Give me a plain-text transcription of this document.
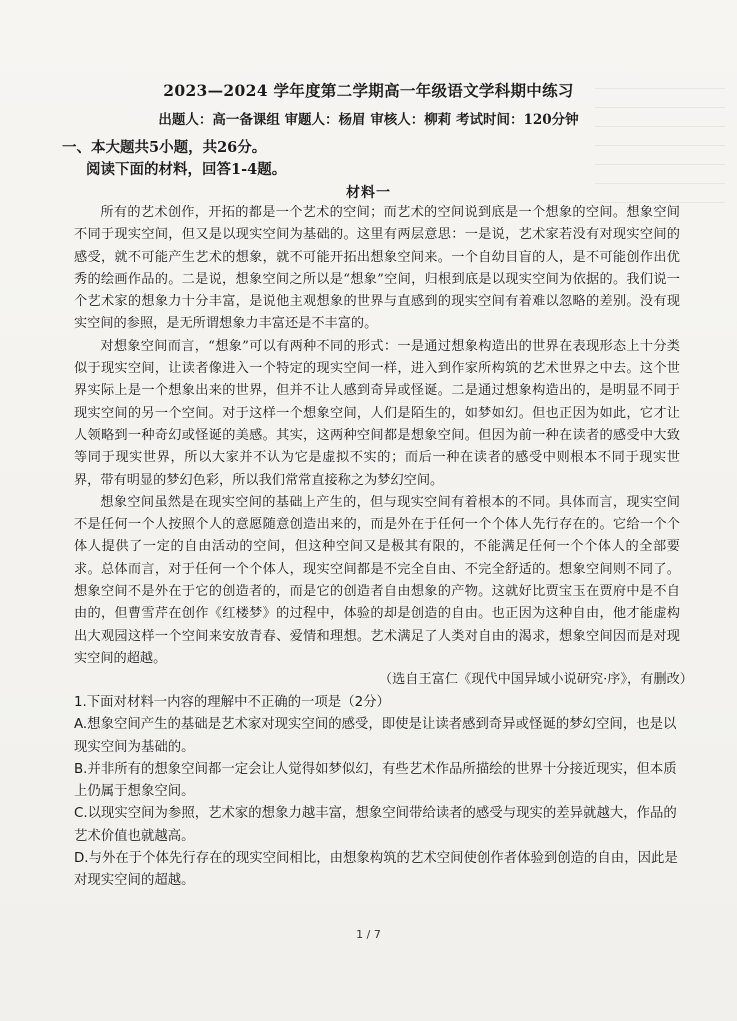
2023—2024 学年度第二学期高一年级语文学科期中练习
出题人：高一备课组 审题人：杨眉 审核人：柳莉 考试时间：120分钟
一、本大题共5小题，共26分。
阅读下面的材料，回答1-4题。
材料一

所有的艺术创作，开拓的都是一个艺术的空间；而艺术的空间说到底是一个想象的空间。想象空间不同于现实空间，但又是以现实空间为基础的。这里有两层意思：一是说，艺术家若没有对现实空间的感受，就不可能产生艺术的想象，就不可能开拓出想象空间来。一个自幼目盲的人，是不可能创作出优秀的绘画作品的。二是说，想象空间之所以是“想象”空间，归根到底是以现实空间为依据的。我们说一个艺术家的想象力十分丰富，是说他主观想象的世界与直感到的现实空间有着难以忽略的差别。没有现实空间的参照，是无所谓想象力丰富还是不丰富的。

对想象空间而言，“想象”可以有两种不同的形式：一是通过想象构造出的世界在表现形态上十分类似于现实空间，让读者像进入一个特定的现实空间一样，进入到作家所构筑的艺术世界之中去。这个世界实际上是一个想象出来的世界，但并不让人感到奇异或怪诞。二是通过想象构造出的，是明显不同于现实空间的另一个空间。对于这样一个想象空间，人们是陌生的，如梦如幻。但也正因为如此，它才让人领略到一种奇幻或怪诞的美感。其实，这两种空间都是想象空间。但因为前一种在读者的感受中大致等同于现实世界，所以大家并不认为它是虚拟不实的；而后一种在读者的感受中则根本不同于现实世界，带有明显的梦幻色彩，所以我们常常直接称之为梦幻空间。

想象空间虽然是在现实空间的基础上产生的，但与现实空间有着根本的不同。具体而言，现实空间不是任何一个人按照个人的意愿随意创造出来的，而是外在于任何一个个体人先行存在的。它给一个个体人提供了一定的自由活动的空间，但这种空间又是极其有限的，不能满足任何一个个体人的全部要求。总体而言，对于任何一个个体人，现实空间都是不完全自由、不完全舒适的。想象空间则不同了。想象空间不是外在于它的创造者的，而是它的创造者自由想象的产物。这就好比贾宝玉在贾府中是不自由的，但曹雪芹在创作《红楼梦》的过程中，体验的却是创造的自由。也正因为这种自由，他才能虚构出大观园这样一个空间来安放青春、爱情和理想。艺术满足了人类对自由的渴求，想象空间因而是对现实空间的超越。

（选自王富仁《现代中国异域小说研究·序》，有删改）
1.下面对材料一内容的理解中不正确的一项是（2分）
A.想象空间产生的基础是艺术家对现实空间的感受，即使是让读者感到奇异或怪诞的梦幻空间，也是以现实空间为基础的。
B.并非所有的想象空间都一定会让人觉得如梦似幻，有些艺术作品所描绘的世界十分接近现实，但本质上仍属于想象空间。
C.以现实空间为参照，艺术家的想象力越丰富，想象空间带给读者的感受与现实的差异就越大，作品的艺术价值也就越高。
D.与外在于个体先行存在的现实空间相比，由想象构筑的艺术空间使创作者体验到创造的自由，因此是对现实空间的超越。
1 / 7
